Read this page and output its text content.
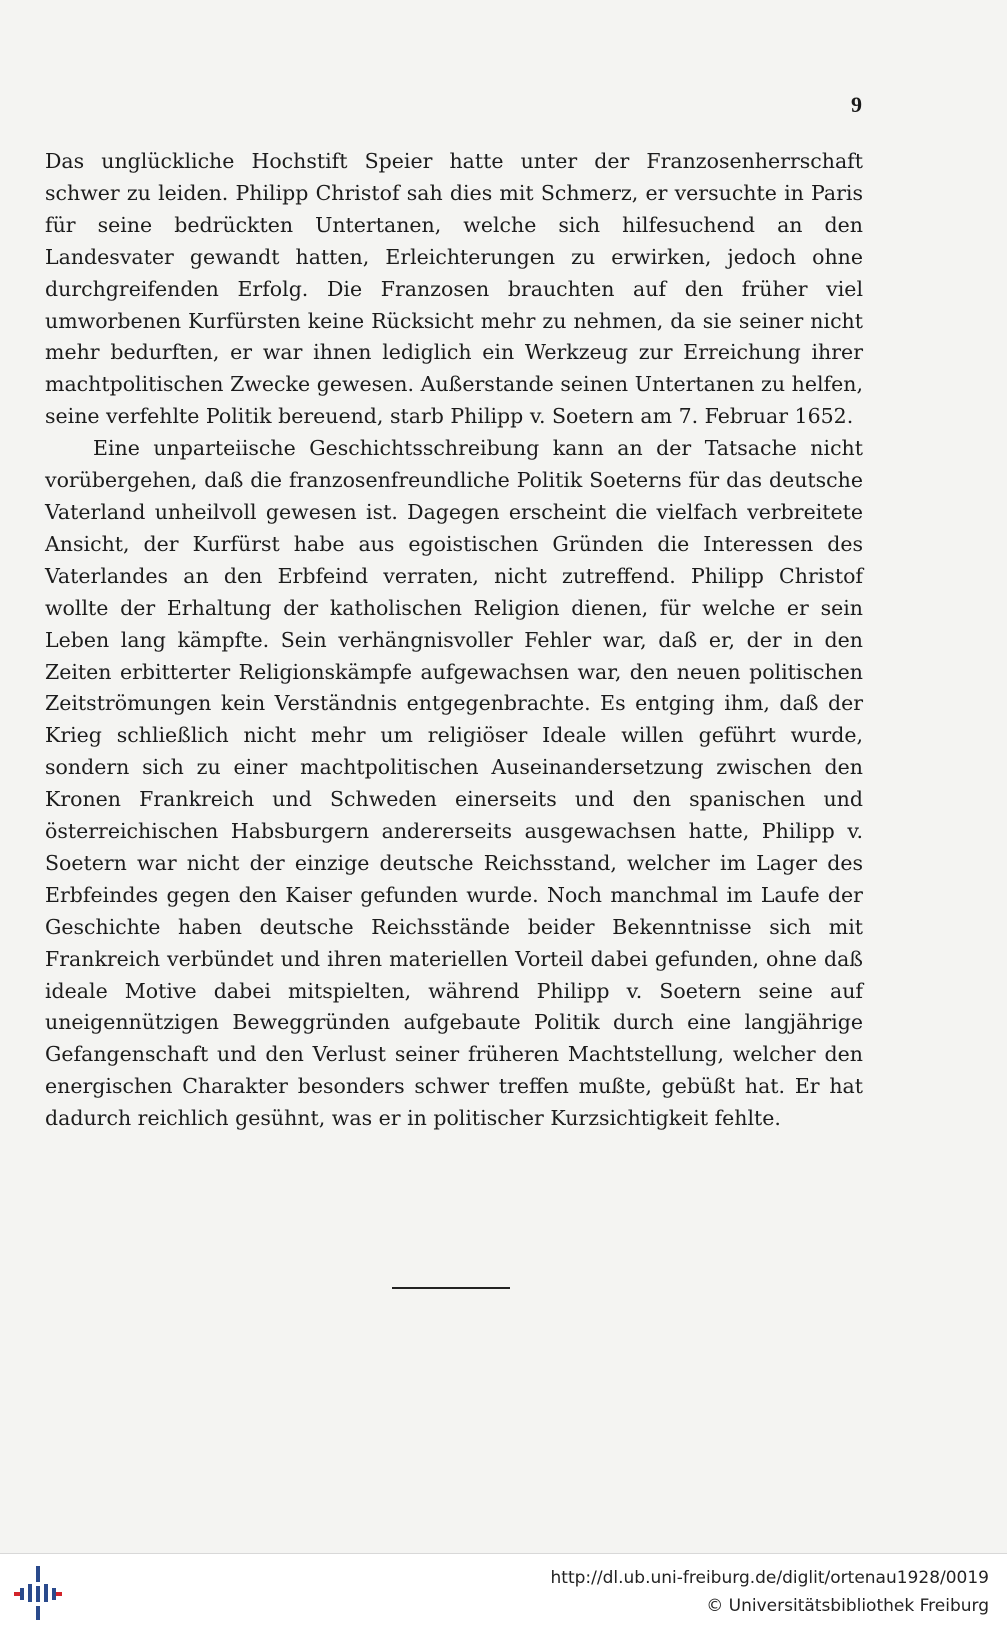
9

Das unglückliche Hochstift Speier hatte unter der Franzosenherrschaft schwer zu leiden. Philipp Christof sah dies mit Schmerz, er versuchte in Paris für seine bedrückten Untertanen, welche sich hilfesuchend an den Landesvater gewandt hatten, Erleichterungen zu erwirken, jedoch ohne durchgreifenden Erfolg. Die Franzosen brauchten auf den früher viel umworbenen Kurfürsten keine Rücksicht mehr zu nehmen, da sie seiner nicht mehr bedurften, er war ihnen lediglich ein Werkzeug zur Erreichung ihrer machtpolitischen Zwecke gewesen. Außerstande seinen Untertanen zu helfen, seine verfehlte Politik bereuend, starb Philipp v. Soetern am 7. Februar 1652.

Eine unparteiische Geschichtsschreibung kann an der Tatsache nicht vorübergehen, daß die franzosenfreundliche Politik Soeterns für das deutsche Vaterland unheilvoll gewesen ist. Dagegen erscheint die vielfach verbreitete Ansicht, der Kurfürst habe aus egoistischen Gründen die Interessen des Vaterlandes an den Erbfeind verraten, nicht zutreffend. Philipp Christof wollte der Erhaltung der katholischen Religion dienen, für welche er sein Leben lang kämpfte. Sein verhängnisvoller Fehler war, daß er, der in den Zeiten erbitterter Religionskämpfe aufgewachsen war, den neuen politischen Zeitströmungen kein Verständnis entgegenbrachte. Es entging ihm, daß der Krieg schließlich nicht mehr um religiöser Ideale willen geführt wurde, sondern sich zu einer machtpolitischen Auseinandersetzung zwischen den Kronen Frankreich und Schweden einerseits und den spanischen und österreichischen Habsburgern andererseits ausgewachsen hatte, Philipp v. Soetern war nicht der einzige deutsche Reichsstand, welcher im Lager des Erbfeindes gegen den Kaiser gefunden wurde. Noch manchmal im Laufe der Geschichte haben deutsche Reichsstände beider Bekenntnisse sich mit Frankreich verbündet und ihren materiellen Vorteil dabei gefunden, ohne daß ideale Motive dabei mitspielten, während Philipp v. Soetern seine auf uneigennützigen Beweggründen aufgebaute Politik durch eine langjährige Gefangenschaft und den Verlust seiner früheren Machtstellung, welcher den energischen Charakter besonders schwer treffen mußte, gebüßt hat. Er hat dadurch reichlich gesühnt, was er in politischer Kurzsichtigkeit fehlte.

http://dl.ub.uni-freiburg.de/diglit/ortenau1928/0019
© Universitätsbibliothek Freiburg
